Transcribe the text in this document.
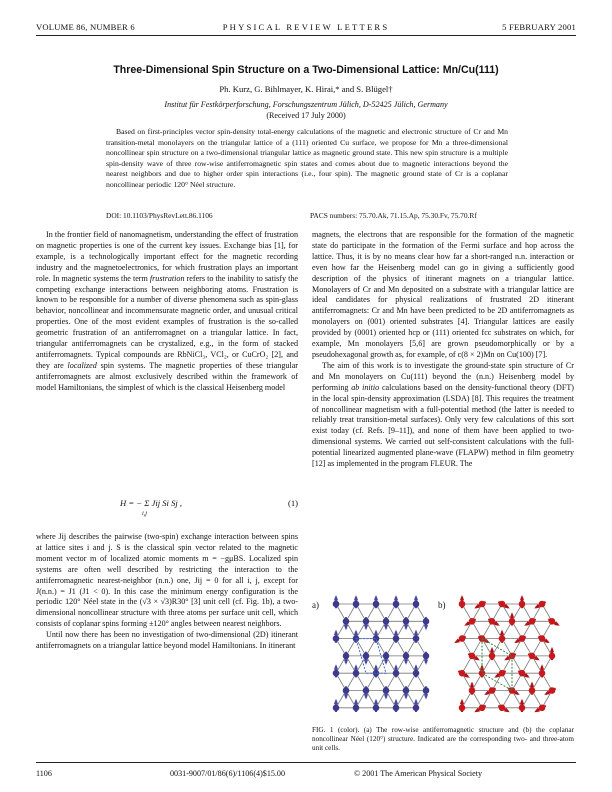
VOLUME 86, NUMBER 6	PHYSICAL REVIEW LETTERS	5 FEBRUARY 2001
Three-Dimensional Spin Structure on a Two-Dimensional Lattice: Mn/Cu(111)
Ph. Kurz, G. Bihlmayer, K. Hirai,* and S. Blügel†
Institut für Festkörperforschung, Forschungszentrum Jülich, D-52425 Jülich, Germany
(Received 17 July 2000)
Based on first-principles vector spin-density total-energy calculations of the magnetic and electronic structure of Cr and Mn transition-metal monolayers on the triangular lattice of a (111) oriented Cu surface, we propose for Mn a three-dimensional noncollinear spin structure on a two-dimensional triangular lattice as magnetic ground state. This new spin structure is a multiple spin-density wave of three row-wise antiferromagnetic spin states and comes about due to magnetic interactions beyond the nearest neighbors and due to higher order spin interactions (i.e., four spin). The magnetic ground state of Cr is a coplanar noncollinear periodic 120° Néel structure.
DOI: 10.1103/PhysRevLett.86.1106	PACS numbers: 75.70.Ak, 71.15.Ap, 75.30.Fv, 75.70.Rf

In the frontier field of nanomagnetism, understanding the effect of frustration on magnetic properties is one of the current key issues. Exchange bias [1], for example, is a technologically important effect for the magnetic recording industry and the magnetoelectronics, for which frustration plays an important role. In magnetic systems the term frustration refers to the inability to satisfy the competing exchange interactions between neighboring atoms. Frustration is known to be responsible for a number of diverse phenomena such as spin-glass behavior, noncollinear and incommensurate magnetic order, and unusual critical properties. One of the most evident examples of frustration is the so-called geometric frustration of an antiferromagnet on a triangular lattice. In fact, triangular antiferromagnets can be crystalized, e.g., in the form of stacked antiferromagnets. Typical compounds are RbNiCl₃, VCl₂, or CuCrO₂ [2], and they are localized spin systems. The magnetic properties of these triangular antiferromagnets are almost exclusively described within the framework of model Hamiltonians, the simplest of which is the classical Heisenberg model

H = − Σ Jij Si Sj ,
i,j
(1)

where Jij describes the pairwise (two-spin) exchange interaction between spins at lattice sites i and j. S is the classical spin vector related to the magnetic moment vector m of localized atomic moments m = −gμBS. Localized spin systems are often well described by restricting the interaction to the antiferromagnetic nearest-neighbor (n.n.) one, Jij = 0 for all i, j, except for J(n.n.) = J1 (J1 < 0). In this case the minimum energy configuration is the periodic 120° Néel state in the (√3 × √3)R30° [3] unit cell (cf. Fig. 1b), a two-dimensional noncollinear structure with three atoms per surface unit cell, which consists of coplanar spins forming ±120° angles between nearest neighbors.

Until now there has been no investigation of two-dimensional (2D) itinerant antiferromagnets on a triangular lattice beyond model Hamiltonians. In itinerant

magnets, the electrons that are responsible for the formation of the magnetic state do participate in the formation of the Fermi surface and hop across the lattice. Thus, it is by no means clear how far a short-ranged n.n. interaction or even how far the Heisenberg model can go in giving a sufficiently good description of the physics of itinerant magnets on a triangular lattice. Monolayers of Cr and Mn deposited on a substrate with a triangular lattice are ideal candidates for physical realizations of frustrated 2D itinerant antiferromagnets: Cr and Mn have been predicted to be 2D antiferromagnets as monolayers on (001) oriented substrates [4]. Triangular lattices are easily provided by (0001) oriented hcp or (111) oriented fcc substrates on which, for example, Mn monolayers [5,6] are grown pseudomorphically or by a pseudohexagonal growth as, for example, of c(8 × 2)Mn on Cu(100) [7].

The aim of this work is to investigate the ground-state spin structure of Cr and Mn monolayers on Cu(111) beyond the (n.n.) Heisenberg model by performing ab initio calculations based on the density-functional theory (DFT) in the local spin-density approximation (LSDA) [8]. This requires the treatment of noncollinear magnetism with a full-potential method (the latter is needed to reliably treat transition-metal surfaces). Only very few calculations of this sort exist today (cf. Refs. [9–11]), and none of them have been applied to two-dimensional systems. We carried out self-consistent calculations with the full-potential linearized augmented plane-wave (FLAPW) method in film geometry [12] as implemented in the program FLEUR. The

a)	b)
FIG. 1 (color). (a) The row-wise antiferromagnetic structure and (b) the coplanar noncollinear Néel (120°) structure. Indicated are the corresponding two- and three-atom unit cells.
1106	0031-9007/01/86(6)/1106(4)$15.00	© 2001 The American Physical Society
